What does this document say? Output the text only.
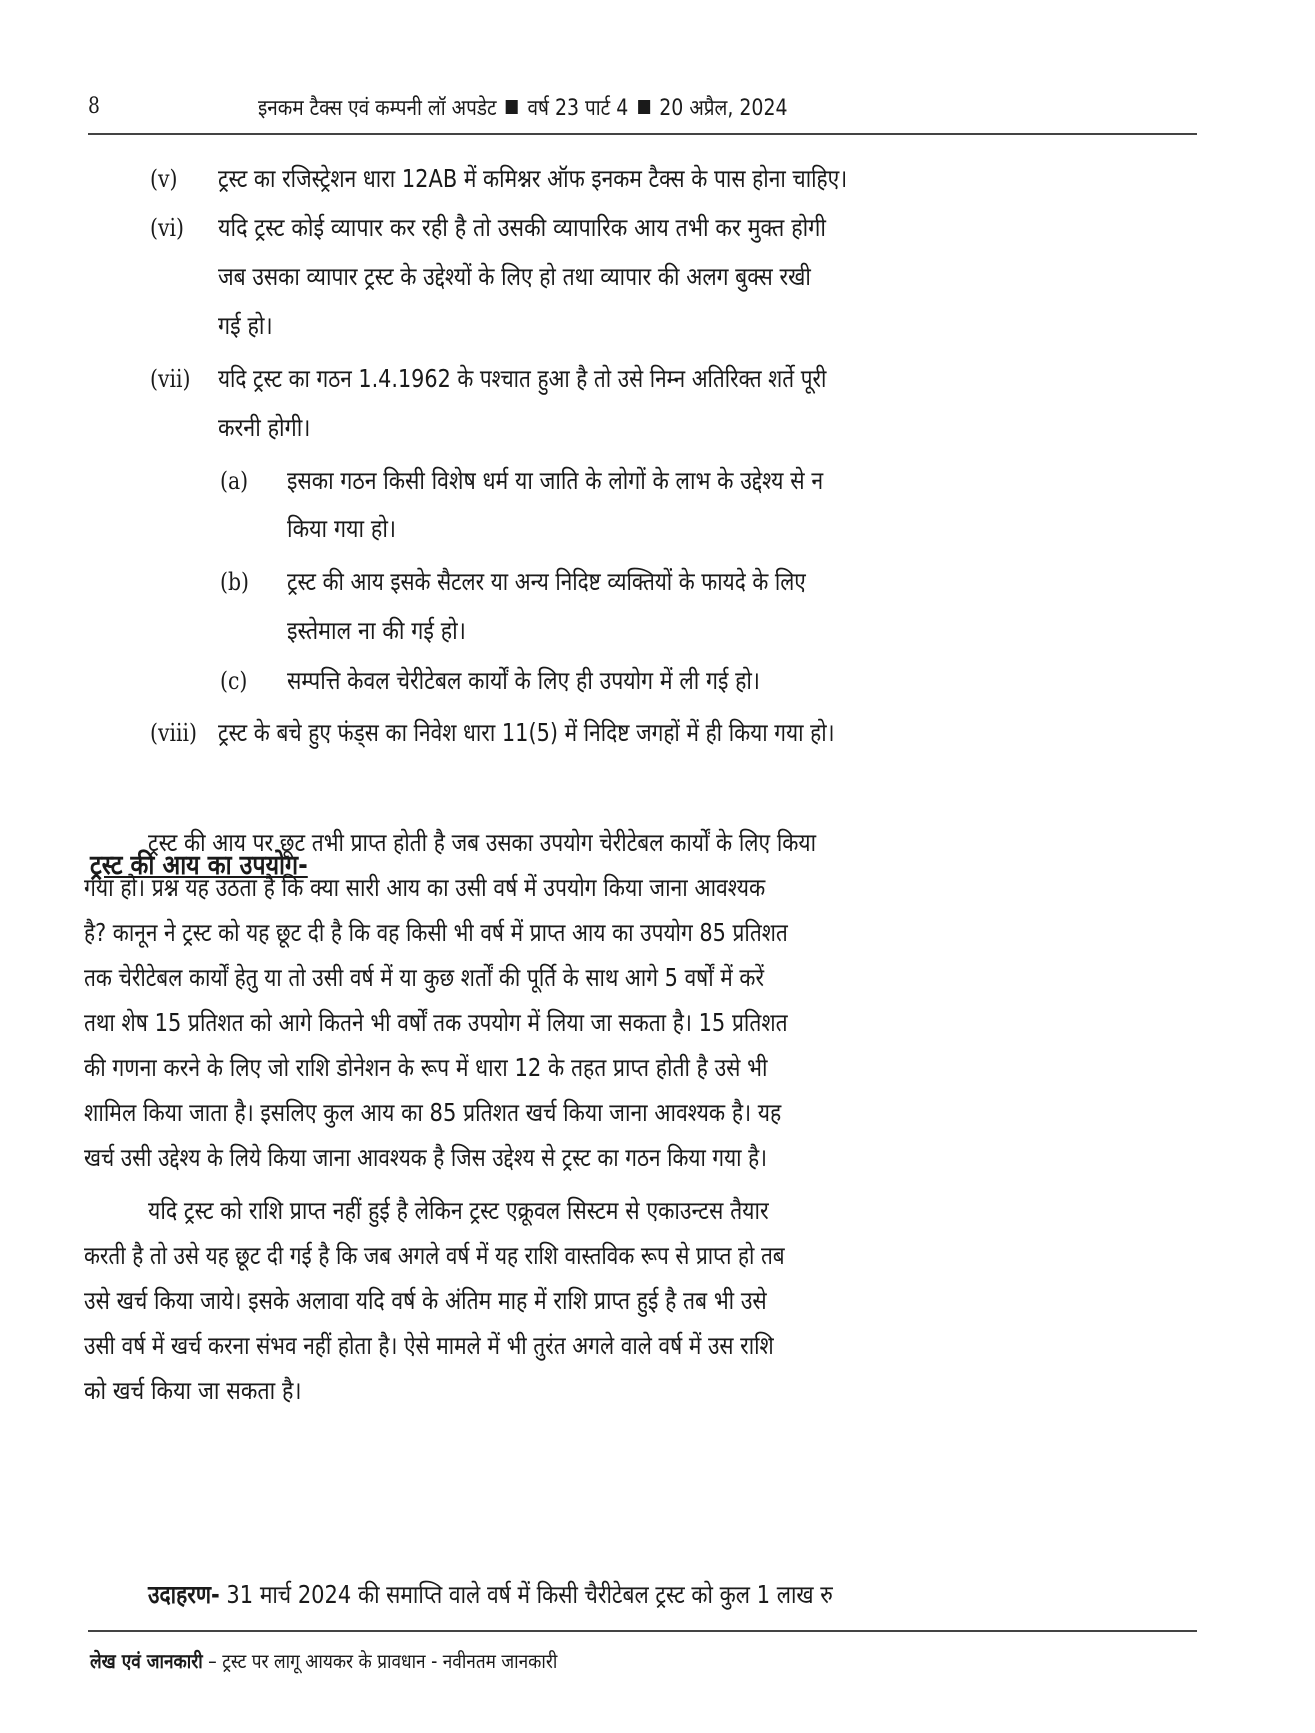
8	इनकम टैक्स एवं कम्पनी लॉ अपडेट वर्ष 23 पार्ट 4 20 अप्रैल, 2024
(v) ट्रस्ट का रजिस्ट्रेशन धारा 12AB में कमिश्नर ऑफ इनकम टैक्स के पास होना चाहिए।
(vi) यदि ट्रस्ट कोई व्यापार कर रही है तो उसकी व्यापारिक आय तभी कर मुक्त होगी
जब उसका व्यापार ट्रस्ट के उद्देश्यों के लिए हो तथा व्यापार की अलग बुक्स रखी
गई हो।
(vii) यदि ट्रस्ट का गठन 1.4.1962 के पश्चात हुआ है तो उसे निम्न अतिरिक्त शर्ते पूरी
करनी होगी।
(a) इसका गठन किसी विशेष धर्म या जाति के लोगों के लाभ के उद्देश्य से न
किया गया हो।
(b) ट्रस्ट की आय इसके सैटलर या अन्य निदिष्ट व्यक्तियों के फायदे के लिए
इस्तेमाल ना की गई हो।
(c) सम्पत्ति केवल चेरीटेबल कार्यों के लिए ही उपयोग में ली गई हो।
(viii) ट्रस्ट के बचे हुए फंड्स का निवेश धारा 11(5) में निदिष्ट जगहों में ही किया गया हो।
ट्रस्ट की आय का उपयोग-
ट्रस्ट की आय पर छूट तभी प्राप्त होती है जब उसका उपयोग चेरीटेबल कार्यों के लिए किया
गया हो। प्रश्न यह उठता है कि क्या सारी आय का उसी वर्ष में उपयोग किया जाना आवश्यक
है? कानून ने ट्रस्ट को यह छूट दी है कि वह किसी भी वर्ष में प्राप्त आय का उपयोग 85 प्रतिशत
तक चेरीटेबल कार्यों हेतु या तो उसी वर्ष में या कुछ शर्तों की पूर्ति के साथ आगे 5 वर्षों में करें
तथा शेष 15 प्रतिशत को आगे कितने भी वर्षों तक उपयोग में लिया जा सकता है। 15 प्रतिशत
की गणना करने के लिए जो राशि डोनेशन के रूप में धारा 12 के तहत प्राप्त होती है उसे भी
शामिल किया जाता है। इसलिए कुल आय का 85 प्रतिशत खर्च किया जाना आवश्यक है। यह
खर्च उसी उद्देश्य के लिये किया जाना आवश्यक है जिस उद्देश्य से ट्रस्ट का गठन किया गया है।
यदि ट्रस्ट को राशि प्राप्त नहीं हुई है लेकिन ट्रस्ट एक्रूवल सिस्टम से एकाउन्टस तैयार
करती है तो उसे यह छूट दी गई है कि जब अगले वर्ष में यह राशि वास्तविक रूप से प्राप्त हो तब
उसे खर्च किया जाये। इसके अलावा यदि वर्ष के अंतिम माह में राशि प्राप्त हुई है तब भी उसे
उसी वर्ष में खर्च करना संभव नहीं होता है। ऐसे मामले में भी तुरंत अगले वाले वर्ष में उस राशि
को खर्च किया जा सकता है।
उदाहरण- 31 मार्च 2024 की समाप्ति वाले वर्ष में किसी चैरीटेबल ट्रस्ट को कुल 1 लाख रु
लेख एवं जानकारी – ट्रस्ट पर लागू आयकर के प्रावधान - नवीनतम जानकारी
